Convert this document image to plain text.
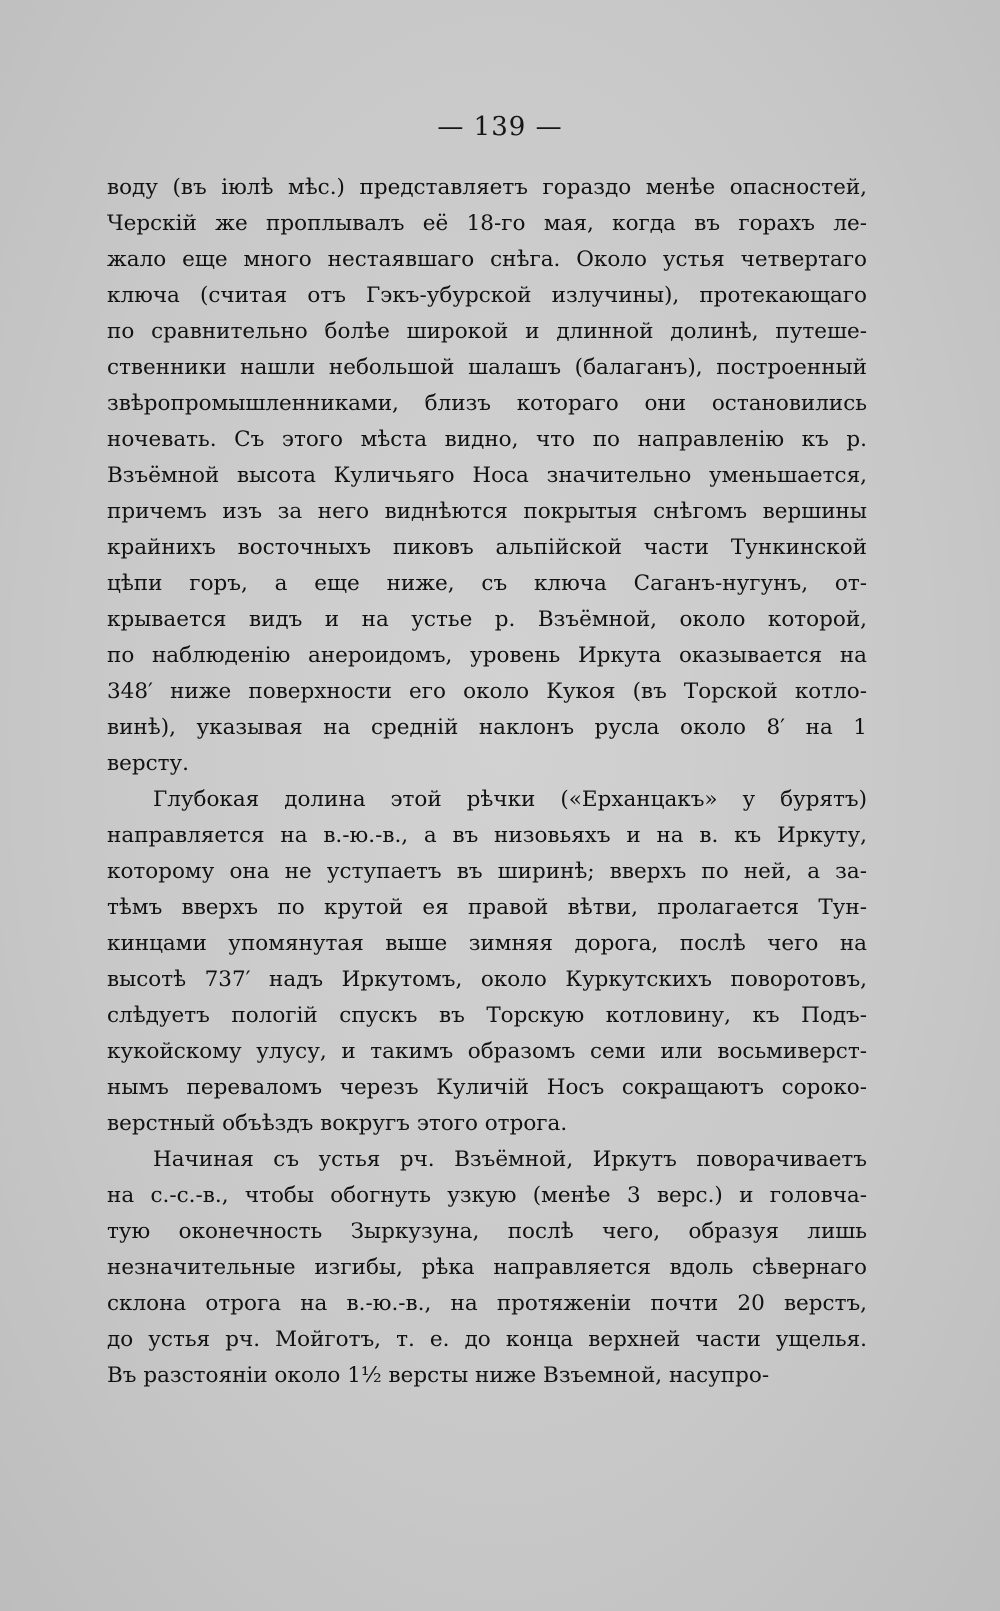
— 139 —
воду (въ іюлѣ мѣс.) представляетъ гораздо менѣе опасностей,
Черскій же проплывалъ её 18-го мая, когда въ горахъ ле-
жало еще много нестаявшаго снѣга. Около устья четвертаго
ключа (считая отъ Гэкъ-убурской излучины), протекающаго
по сравнительно болѣе широкой и длинной долинѣ, путеше-
ственники нашли небольшой шалашъ (балаганъ), построенный
звѣропромышленниками, близъ котораго они остановились
ночевать. Съ этого мѣста видно, что по направленію къ р.
Взъёмной высота Куличьяго Носа значительно уменьшается,
причемъ изъ за него виднѣются покрытыя снѣгомъ вершины
крайнихъ восточныхъ пиковъ альпійской части Тункинской
цѣпи горъ, а еще ниже, съ ключа Саганъ-нугунъ, от-
крывается видъ и на устье р. Взъёмной, около которой,
по наблюденію анероидомъ, уровень Иркута оказывается на
348′ ниже поверхности его около Кукоя (въ Торской котло-
винѣ), указывая на средній наклонъ русла около 8′ на 1
версту.
Глубокая долина этой рѣчки («Ерханцакъ» у бурятъ)
направляется на в.-ю.-в., а въ низовьяхъ и на в. къ Иркуту,
которому она не уступаетъ въ ширинѣ; вверхъ по ней, а за-
тѣмъ вверхъ по крутой ея правой вѣтви, пролагается Тун-
кинцами упомянутая выше зимняя дорога, послѣ чего на
высотѣ 737′ надъ Иркутомъ, около Куркутскихъ поворотовъ,
слѣдуетъ пологій спускъ въ Торскую котловину, къ Подъ-
кукойскому улусу, и такимъ образомъ семи или восьмиверст-
нымъ переваломъ черезъ Куличій Носъ сокращаютъ сороко-
верстный объѣздъ вокругъ этого отрога.
Начиная съ устья рч. Взъёмной, Иркутъ поворачиваетъ
на с.-с.-в., чтобы обогнуть узкую (менѣе 3 верс.) и головча-
тую оконечность Зыркузуна, послѣ чего, образуя лишь
незначительные изгибы, рѣка направляется вдоль сѣвернаго
склона отрога на в.-ю.-в., на протяженіи почти 20 верстъ,
до устья рч. Мойготъ, т. е. до конца верхней части ущелья.
Въ разстояніи около 1½ версты ниже Взъемной, насупро-
